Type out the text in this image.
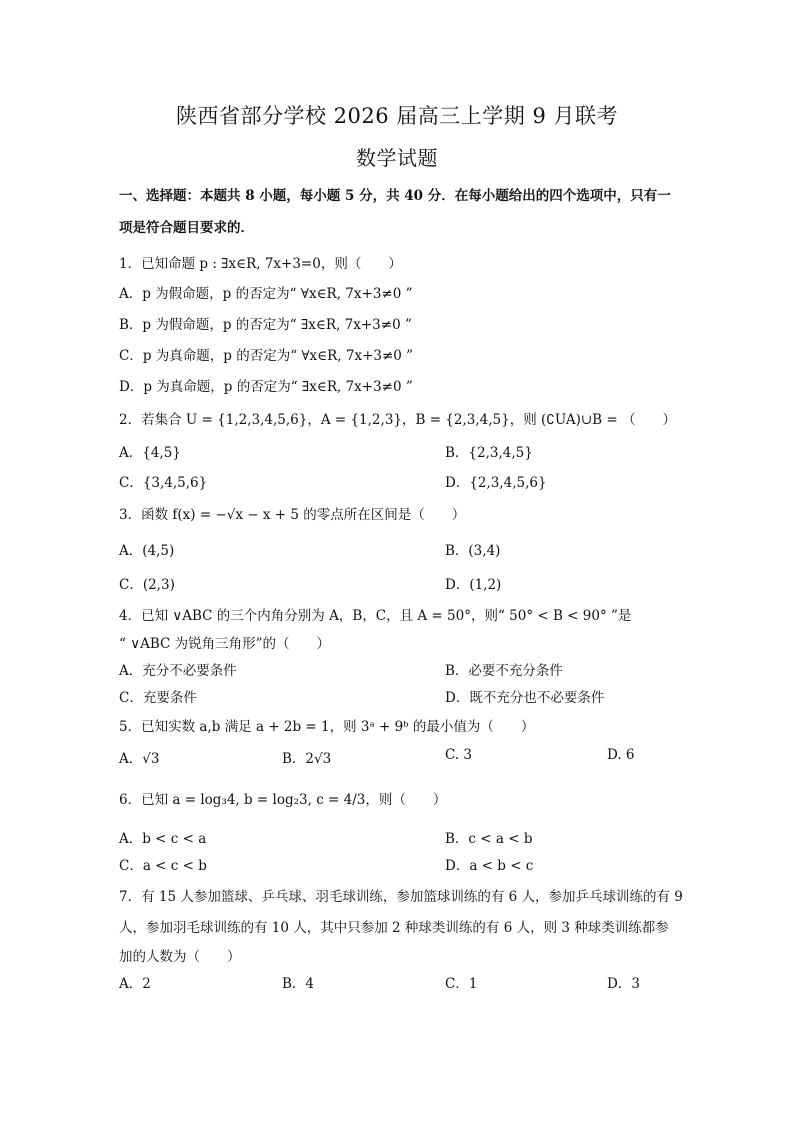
陕西省部分学校 2026 届高三上学期 9 月联考
数学试题
一、选择题：本题共 8 小题，每小题 5 分，共 40 分．在每小题给出的四个选项中，只有一
项是符合题目要求的．
1．已知命题 p : ∃x∈R, 7x+3=0，则（　　）
A．p 为假命题，p 的否定为“ ∀x∈R, 7x+3≠0 ”
B．p 为假命题，p 的否定为“ ∃x∈R, 7x+3≠0 ”
C．p 为真命题，p 的否定为“ ∀x∈R, 7x+3≠0 ”
D．p 为真命题，p 的否定为“ ∃x∈R, 7x+3≠0 ”
2．若集合 U = {1,2,3,4,5,6}，A = {1,2,3}，B = {2,3,4,5}，则 (∁UA)∪B = （　　）
A．{4,5}	B．{2,3,4,5}
C．{3,4,5,6}	D．{2,3,4,5,6}
3．函数 f(x) = −√x − x + 5 的零点所在区间是（　　）
A．(4,5)	B．(3,4)
C．(2,3)	D．(1,2)
4．已知 ∨ABC 的三个内角分别为 A，B，C，且 A = 50°，则“ 50° < B < 90° ”是
“ ∨ABC 为锐角三角形”的（　　）
A．充分不必要条件	B．必要不充分条件
C．充要条件	D．既不充分也不必要条件
5．已知实数 a,b 满足 a + 2b = 1，则 3ᵃ + 9ᵇ 的最小值为（　　）
A．√3	B．2√3	C. 3	D. 6
6．已知 a = log₃4, b = log₂3, c = 4/3，则（　　）
A．b < c < a	B．c < a < b
C．a < c < b	D．a < b < c
7．有 15 人参加篮球、乒乓球、羽毛球训练，参加篮球训练的有 6 人，参加乒乓球训练的有 9
人，参加羽毛球训练的有 10 人，其中只参加 2 种球类训练的有 6 人，则 3 种球类训练都参
加的人数为（　　）
A．2	B．4	C．1	D．3
